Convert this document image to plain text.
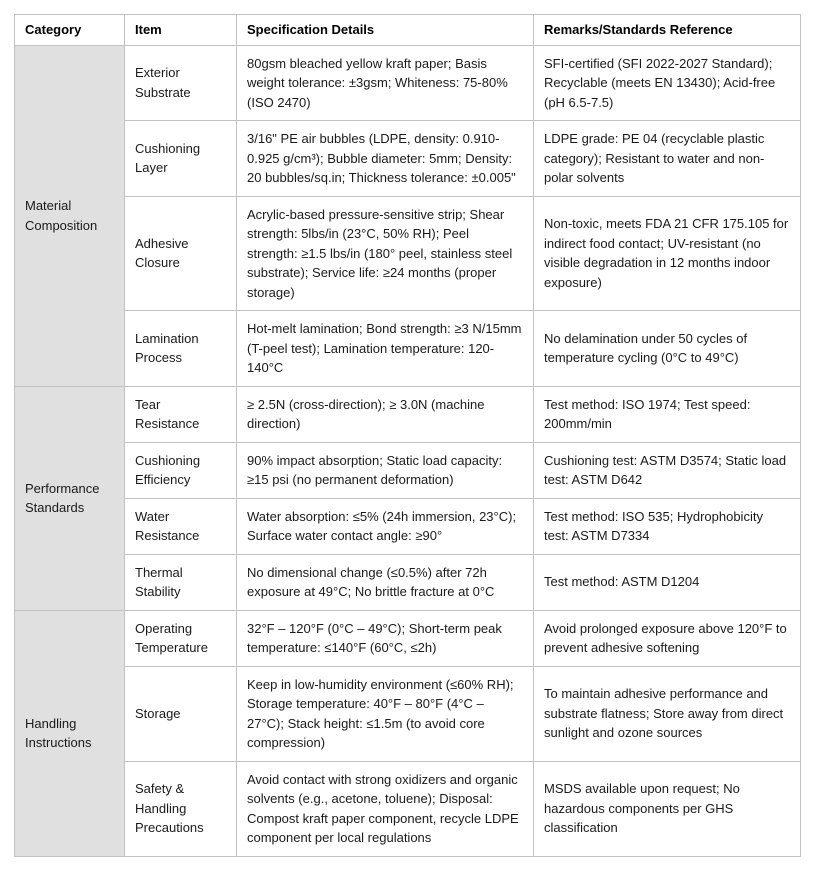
Category	Item	Specification Details	Remarks/Standards Reference
Material Composition	Exterior Substrate	80gsm bleached yellow kraft paper; Basis weight tolerance: ±3gsm; Whiteness: 75-80% (ISO 2470)	SFI-certified (SFI 2022-2027 Standard); Recyclable (meets EN 13430); Acid-free (pH 6.5-7.5)
	Cushioning Layer	3/16" PE air bubbles (LDPE, density: 0.910-0.925 g/cm³); Bubble diameter: 5mm; Density: 20 bubbles/sq.in; Thickness tolerance: ±0.005"	LDPE grade: PE 04 (recyclable plastic category); Resistant to water and non-polar solvents
	Adhesive Closure	Acrylic-based pressure-sensitive strip; Shear strength: 5lbs/in (23°C, 50% RH); Peel strength: ≥1.5 lbs/in (180° peel, stainless steel substrate); Service life: ≥24 months (proper storage)	Non-toxic, meets FDA 21 CFR 175.105 for indirect food contact; UV-resistant (no visible degradation in 12 months indoor exposure)
	Lamination Process	Hot-melt lamination; Bond strength: ≥3 N/15mm (T-peel test); Lamination temperature: 120-140°C	No delamination under 50 cycles of temperature cycling (0°C to 49°C)
Performance Standards	Tear Resistance	≥ 2.5N (cross-direction); ≥ 3.0N (machine direction)	Test method: ISO 1974; Test speed: 200mm/min
	Cushioning Efficiency	90% impact absorption; Static load capacity: ≥15 psi (no permanent deformation)	Cushioning test: ASTM D3574; Static load test: ASTM D642
	Water Resistance	Water absorption: ≤5% (24h immersion, 23°C); Surface water contact angle: ≥90°	Test method: ISO 535; Hydrophobicity test: ASTM D7334
	Thermal Stability	No dimensional change (≤0.5%) after 72h exposure at 49°C; No brittle fracture at 0°C	Test method: ASTM D1204
Handling Instructions	Operating Temperature	32°F – 120°F (0°C – 49°C); Short-term peak temperature: ≤140°F (60°C, ≤2h)	Avoid prolonged exposure above 120°F to prevent adhesive softening
	Storage	Keep in low-humidity environment (≤60% RH); Storage temperature: 40°F – 80°F (4°C – 27°C); Stack height: ≤1.5m (to avoid core compression)	To maintain adhesive performance and substrate flatness; Store away from direct sunlight and ozone sources
	Safety & Handling Precautions	Avoid contact with strong oxidizers and organic solvents (e.g., acetone, toluene); Disposal: Compost kraft paper component, recycle LDPE component per local regulations	MSDS available upon request; No hazardous components per GHS classification
